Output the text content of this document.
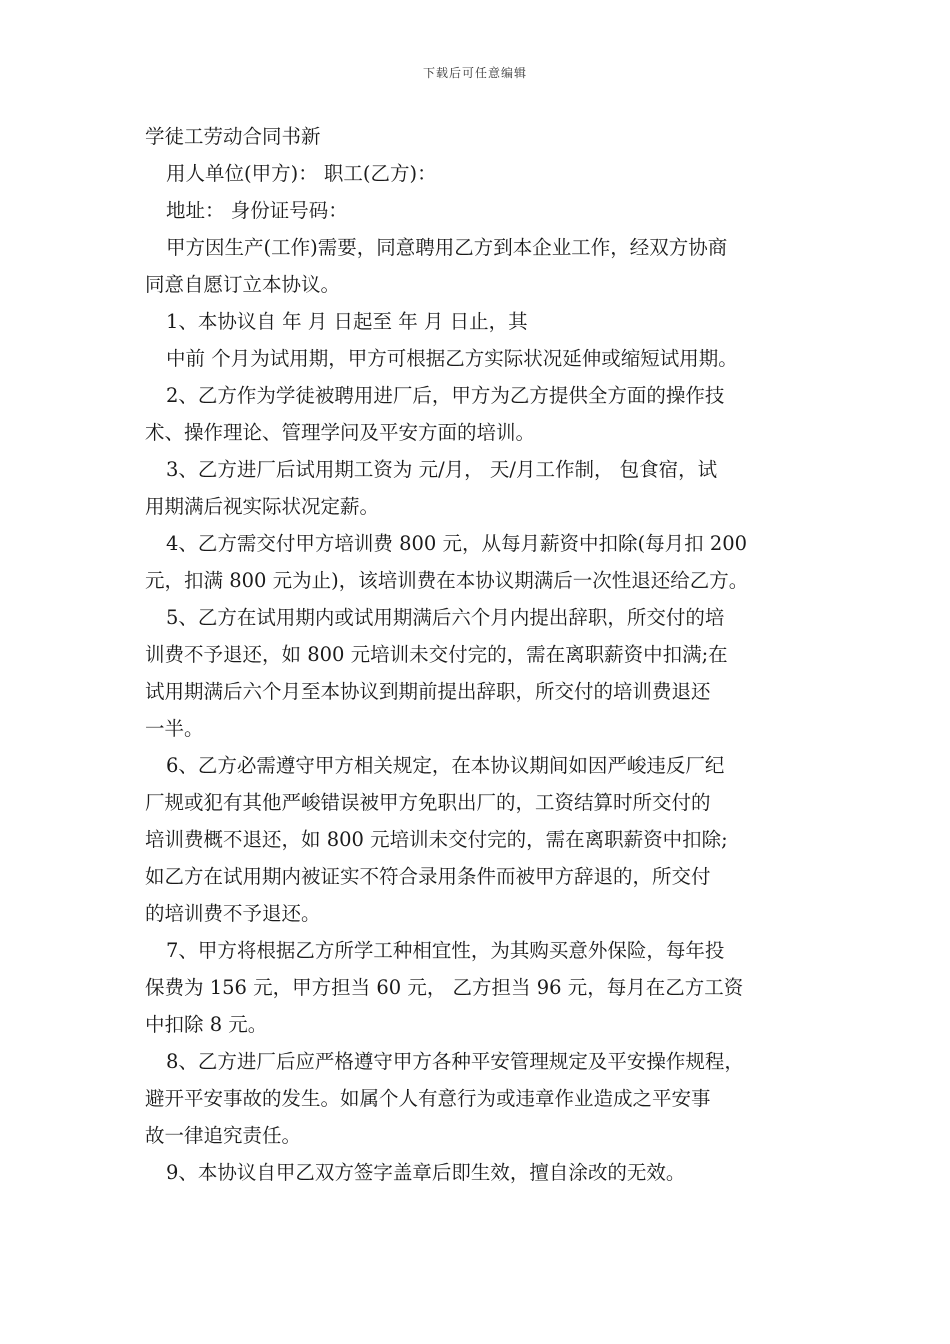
下载后可任意编辑
学徒工劳动合同书新
用人单位(甲方)： 职工(乙方)：
地址： 身份证号码：
甲方因生产(工作)需要，同意聘用乙方到本企业工作，经双方协商
同意自愿订立本协议。
1、本协议自 年 月 日起至 年 月 日止，其
中前 个月为试用期，甲方可根据乙方实际状况延伸或缩短试用期。
2、乙方作为学徒被聘用进厂后，甲方为乙方提供全方面的操作技
术、操作理论、管理学问及平安方面的培训。
3、乙方进厂后试用期工资为 元/月， 天/月工作制， 包食宿，试
用期满后视实际状况定薪。
4、乙方需交付甲方培训费 800 元，从每月薪资中扣除(每月扣 200
元，扣满 800 元为止)，该培训费在本协议期满后一次性退还给乙方。
5、乙方在试用期内或试用期满后六个月内提出辞职，所交付的培
训费不予退还，如 800 元培训未交付完的，需在离职薪资中扣满;在
试用期满后六个月至本协议到期前提出辞职，所交付的培训费退还
一半。
6、乙方必需遵守甲方相关规定，在本协议期间如因严峻违反厂纪
厂规或犯有其他严峻错误被甲方免职出厂的，工资结算时所交付的
培训费概不退还，如 800 元培训未交付完的，需在离职薪资中扣除;
如乙方在试用期内被证实不符合录用条件而被甲方辞退的，所交付
的培训费不予退还。
7、甲方将根据乙方所学工种相宜性，为其购买意外保险，每年投
保费为 156 元，甲方担当 60 元， 乙方担当 96 元，每月在乙方工资
中扣除 8 元。
8、乙方进厂后应严格遵守甲方各种平安管理规定及平安操作规程，
避开平安事故的发生。如属个人有意行为或违章作业造成之平安事
故一律追究责任。
9、本协议自甲乙双方签字盖章后即生效，擅自涂改的无效。
